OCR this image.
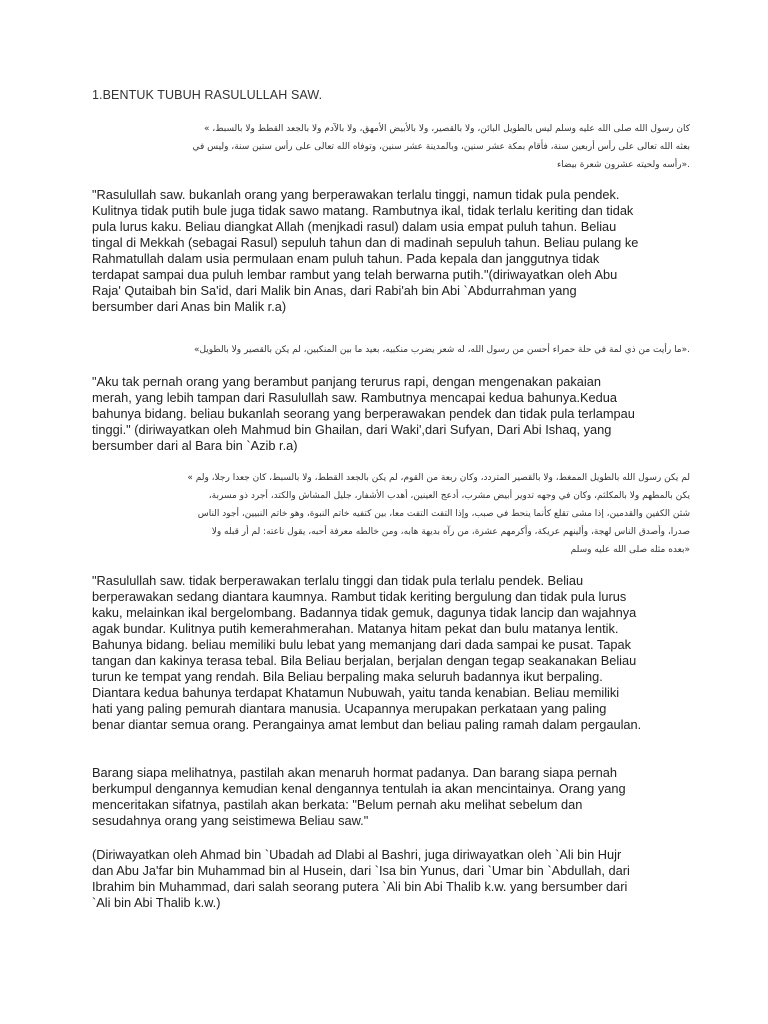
1.BENTUK TUBUH RASULULLAH SAW.
كان رسول الله صلى الله عليه وسلم ليس بالطويل البائن، ولا بالقصير، ولا بالأبيض الأمهق، ولا بالآدم ولا بالجعد القطط ولا بالسبط، »
بعثه الله تعالى على رأس أربعين سنة، فأقام بمكة عشر سنين، وبالمدينة عشر سنين، وتوفاه الله تعالى على رأس ستين سنة، وليس في
.«رأسه ولحيته عشرون شعرة بيضاء
"Rasulullah saw. bukanlah orang yang berperawakan terlalu tinggi, namun tidak pula pendek.
Kulitnya tidak putih bule juga tidak sawo matang. Rambutnya ikal, tidak terlalu keriting dan tidak
pula lurus kaku. Beliau diangkat Allah (menjkadi rasul) dalam usia empat puluh tahun. Beliau
tingal di Mekkah (sebagai Rasul) sepuluh tahun dan di madinah sepuluh tahun. Beliau pulang ke
Rahmatullah dalam usia permulaan enam puluh tahun. Pada kepala dan janggutnya tidak
terdapat sampai dua puluh lembar rambut yang telah berwarna putih."(diriwayatkan oleh Abu
Raja' Qutaibah bin Sa'id, dari Malik bin Anas, dari Rabi'ah bin Abi `Abdurrahman yang
bersumber dari Anas bin Malik r.a)
.«ما رأيت من ذي لمة في حلة حمراء أحسن من رسول الله، له شعر يضرب منكبيه، بعيد ما بين المنكبين، لم يكن بالقصير ولا بالطويل»
"Aku tak pernah orang yang berambut panjang terurus rapi, dengan mengenakan pakaian
merah, yang lebih tampan dari Rasulullah saw. Rambutnya mencapai kedua bahunya.Kedua
bahunya bidang. beliau bukanlah seorang yang berperawakan pendek dan tidak pula terlampau
tinggi." (diriwayatkan oleh Mahmud bin Ghailan, dari Waki',dari Sufyan, Dari Abi Ishaq, yang
bersumber dari al Bara bin `Azib r.a)
لم يكن رسول الله بالطويل الممغط، ولا بالقصير المتردد، وكان ربعة من القوم، لم يكن بالجعد القطط، ولا بالسبط، كان جعدا رجلا، ولم »
يكن بالمطهم ولا بالمكلثم، وكان في وجهه تدوير أبيض مشرب، أدعج العينين، أهدب الأشفار، جليل المشاش والكتد، أجرد ذو مسربة،
شثن الكفين والقدمين، إذا مشى تقلع كأنما ينحط في صبب، وإذا التفت التفت معا، بين كتفيه خاتم النبوة، وهو خاتم النبيين، أجود الناس
صدرا، وأصدق الناس لهجة، وألينهم عريكة، وأكرمهم عشرة، من رآه بديهة هابه، ومن خالطه معرفة أحبه، يقول ناعته: لم أر قبله ولا
«بعده مثله صلى الله عليه وسلم
"Rasulullah saw. tidak berperawakan terlalu tinggi dan tidak pula terlalu pendek. Beliau
berperawakan sedang diantara kaumnya. Rambut tidak keriting bergulung dan tidak pula lurus
kaku, melainkan ikal bergelombang. Badannya tidak gemuk, dagunya tidak lancip dan wajahnya
agak bundar. Kulitnya putih kemerahmerahan. Matanya hitam pekat dan bulu matanya lentik.
Bahunya bidang. beliau memiliki bulu lebat yang memanjang dari dada sampai ke pusat. Tapak
tangan dan kakinya terasa tebal. Bila Beliau berjalan, berjalan dengan tegap seakanakan Beliau
turun ke tempat yang rendah. Bila Beliau berpaling maka seluruh badannya ikut berpaling.
Diantara kedua bahunya terdapat Khatamun Nubuwah, yaitu tanda kenabian. Beliau memiliki
hati yang paling pemurah diantara manusia. Ucapannya merupakan perkataan yang paling
benar diantar semua orang. Perangainya amat lembut dan beliau paling ramah dalam pergaulan.
Barang siapa melihatnya, pastilah akan menaruh hormat padanya. Dan barang siapa pernah
berkumpul dengannya kemudian kenal dengannya tentulah ia akan mencintainya. Orang yang
menceritakan sifatnya, pastilah akan berkata: "Belum pernah aku melihat sebelum dan
sesudahnya orang yang seistimewa Beliau saw."
(Diriwayatkan oleh Ahmad bin `Ubadah ad Dlabi al Bashri, juga diriwayatkan oleh `Ali bin Hujr
dan Abu Ja'far bin Muhammad bin al Husein, dari `Isa bin Yunus, dari `Umar bin `Abdullah, dari
Ibrahim bin Muhammad, dari salah seorang putera `Ali bin Abi Thalib k.w. yang bersumber dari
`Ali bin Abi Thalib k.w.)
